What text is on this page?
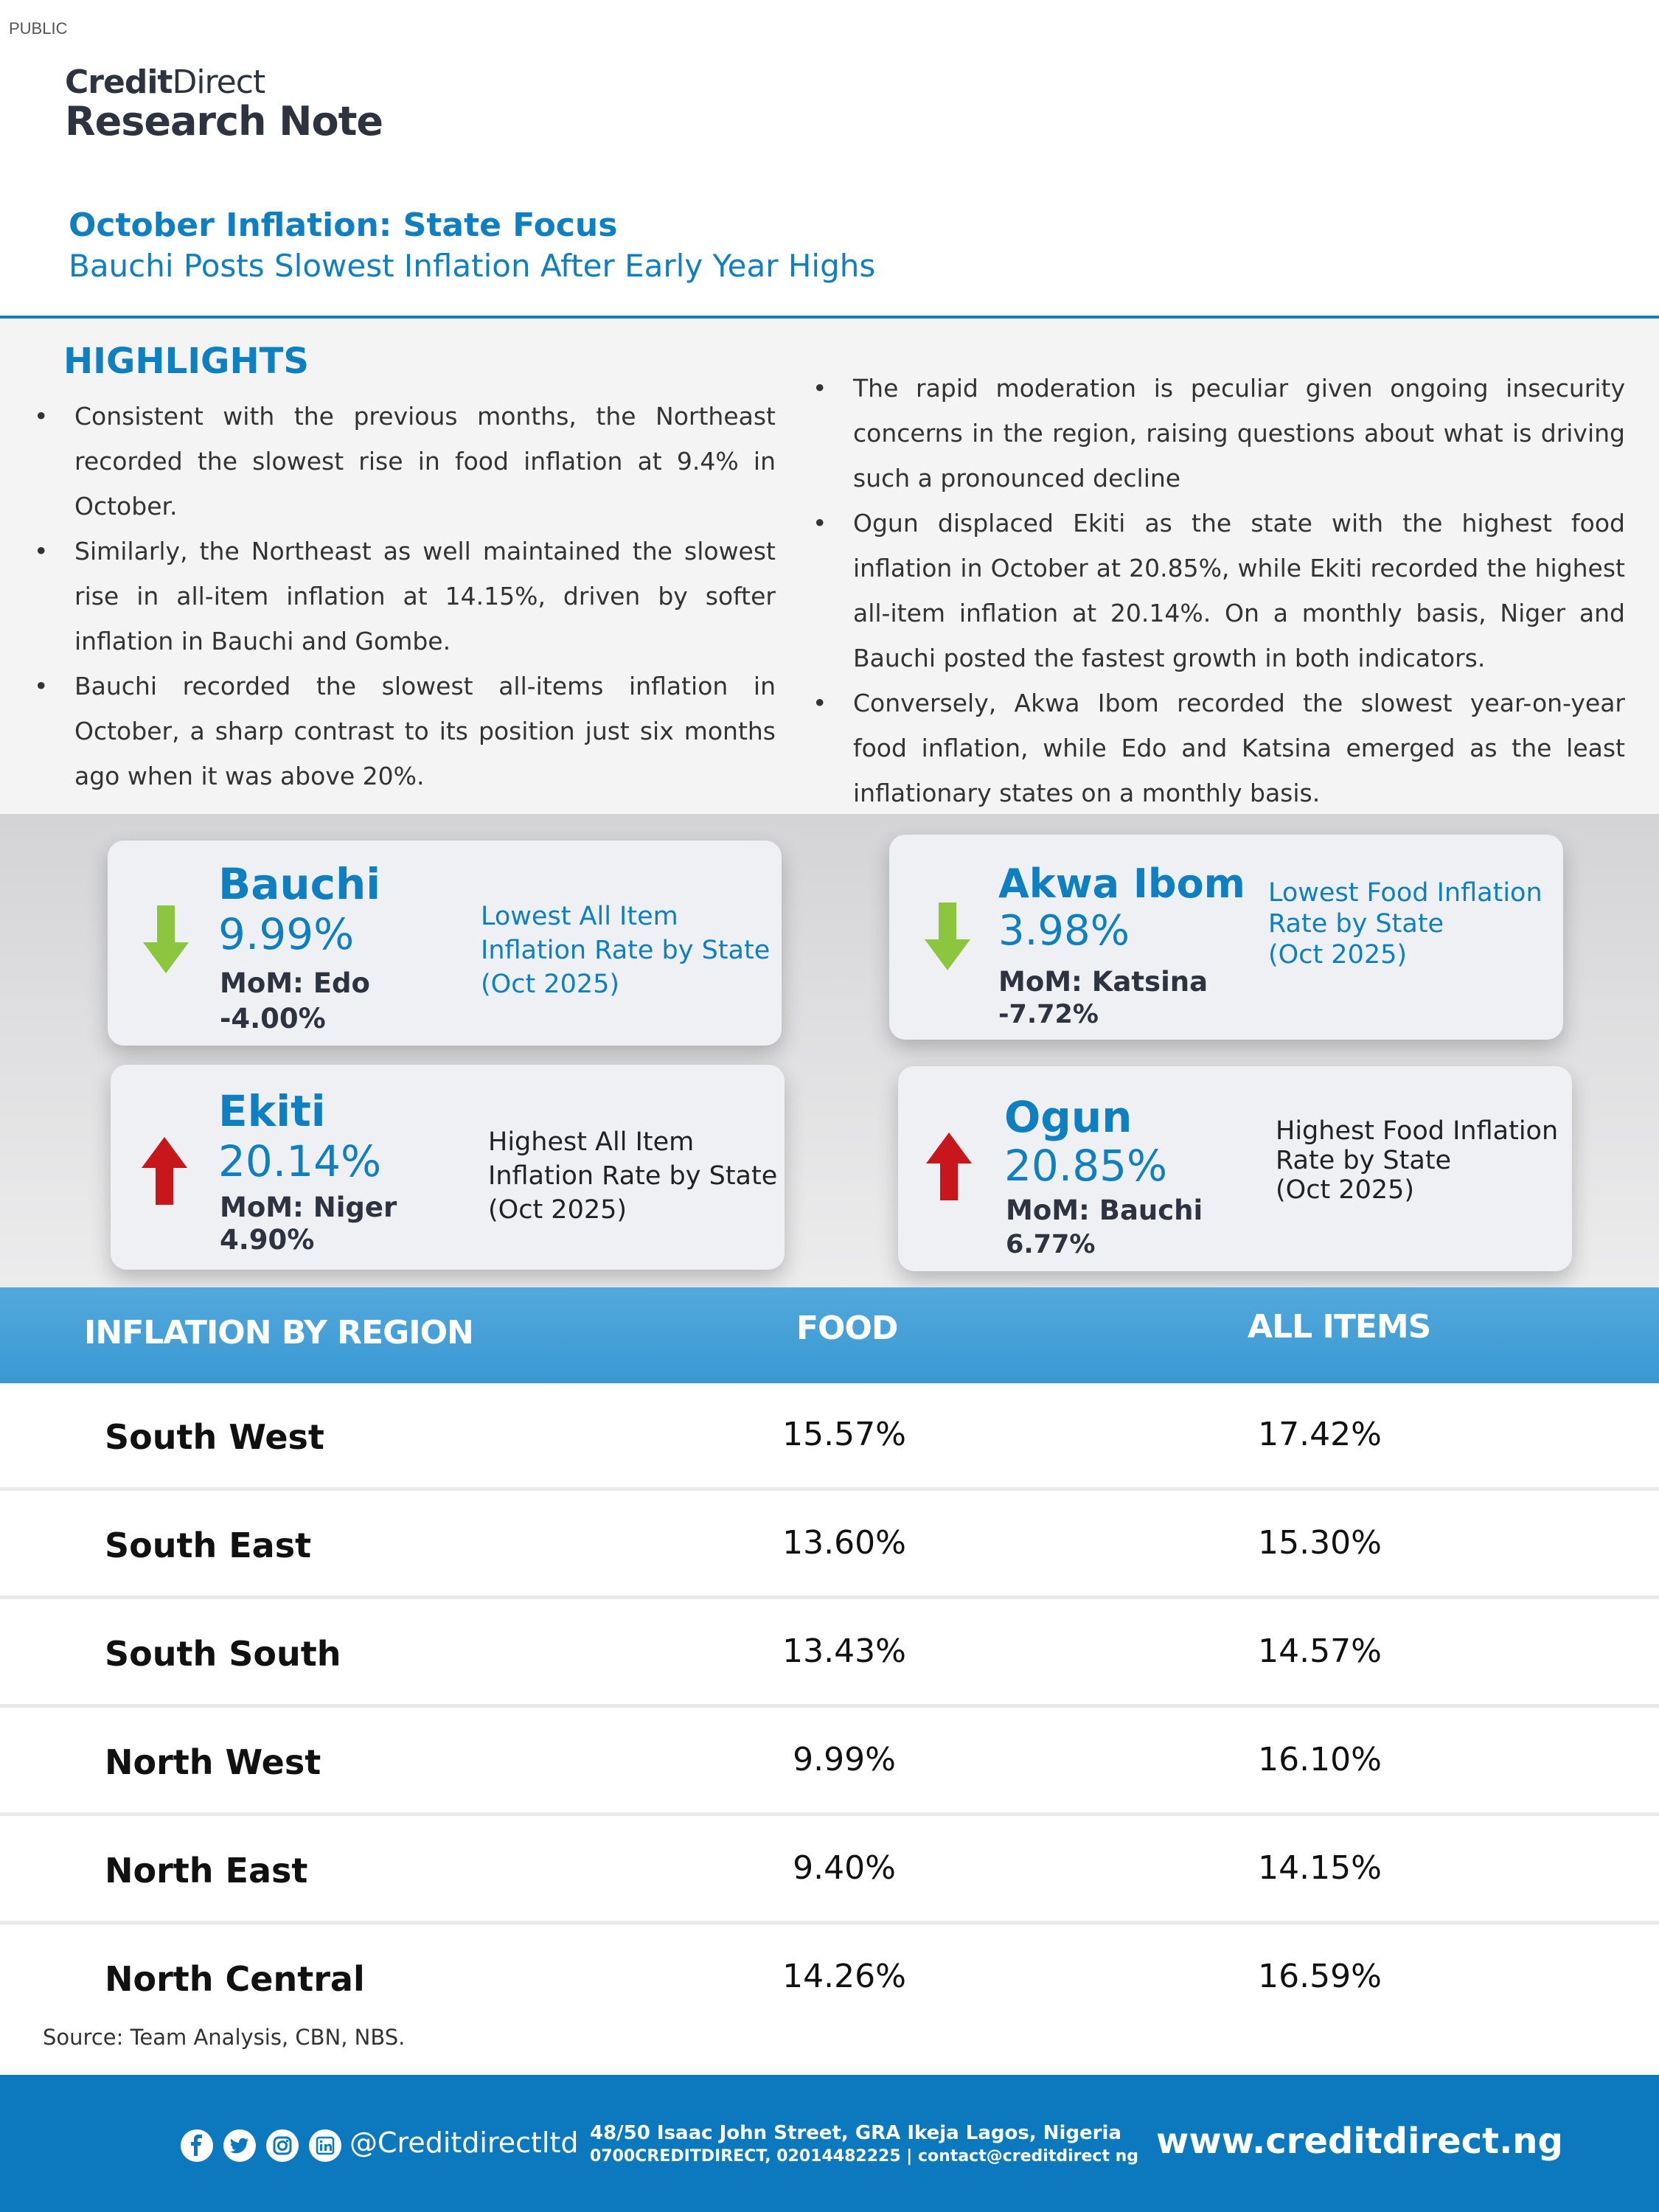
PUBLIC
CreditDirect
Research Note
October Inflation: State Focus
Bauchi Posts Slowest Inflation After Early Year Highs
HIGHLIGHTS
• Consistent with the previous months, the Northeast recorded the slowest rise in food inflation at 9.4% in October.
• Similarly, the Northeast as well maintained the slowest rise in all-item inflation at 14.15%, driven by softer inflation in Bauchi and Gombe.
• Bauchi recorded the slowest all-items inflation in October, a sharp contrast to its position just six months ago when it was above 20%.
• The rapid moderation is peculiar given ongoing insecurity concerns in the region, raising questions about what is driving such a pronounced decline
• Ogun displaced Ekiti as the state with the highest food inflation in October at 20.85%, while Ekiti recorded the highest all-item inflation at 20.14%. On a monthly basis, Niger and Bauchi posted the fastest growth in both indicators.
• Conversely, Akwa Ibom recorded the slowest year-on-year food inflation, while Edo and Katsina emerged as the least inflationary states on a monthly basis.
Bauchi
9.99%
MoM: Edo
-4.00%
Lowest All Item
Inflation Rate by State
(Oct 2025)
Akwa Ibom
3.98%
MoM: Katsina
-7.72%
Lowest Food Inflation
Rate by State
(Oct 2025)
Ekiti
20.14%
MoM: Niger
4.90%
Highest All Item
Inflation Rate by State
(Oct 2025)
Ogun
20.85%
MoM: Bauchi
6.77%
Highest Food Inflation
Rate by State
(Oct 2025)
INFLATION BY REGION	FOOD	ALL ITEMS
South West	15.57%	17.42%
South East	13.60%	15.30%
South South	13.43%	14.57%
North West	9.99%	16.10%
North East	9.40%	14.15%
North Central	14.26%	16.59%
Source: Team Analysis, CBN, NBS.
@Creditdirectltd 48/50 Isaac John Street, GRA Ikeja Lagos, Nigeria
0700CREDITDIRECT, 02014482225 | contact@creditdirect ng www.creditdirect.ng
